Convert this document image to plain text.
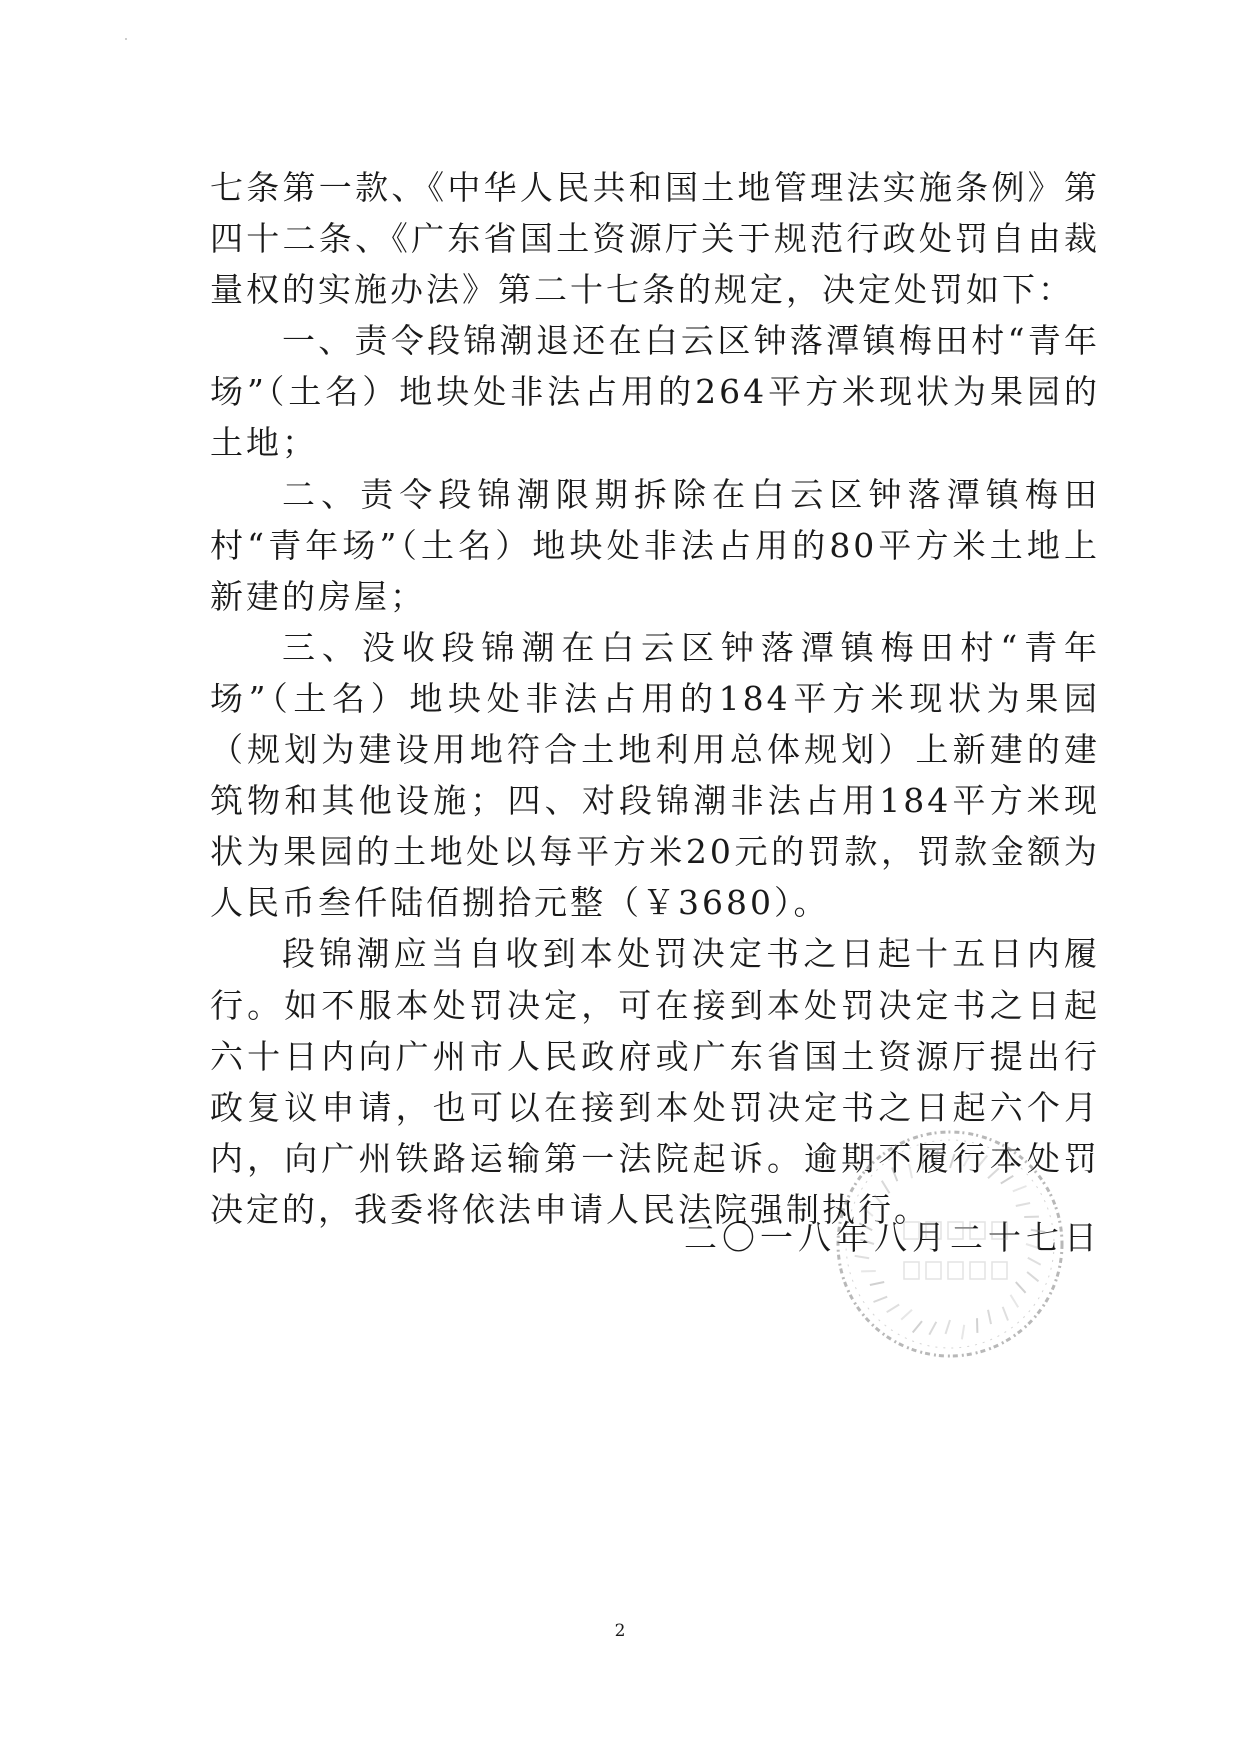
七条第一款、《中华人民共和国土地管理法实施条例》第四十二条、《广东省国土资源厅关于规范行政处罚自由裁量权的实施办法》第二十七条的规定，决定处罚如下：

一、责令段锦潮退还在白云区钟落潭镇梅田村“青年场”（土名）地块处非法占用的264平方米现状为果园的土地；

二、责令段锦潮限期拆除在白云区钟落潭镇梅田村“青年场”（土名）地块处非法占用的80平方米土地上新建的房屋；

三、没收段锦潮在白云区钟落潭镇梅田村“青年场”（土名）地块处非法占用的184平方米现状为果园（规划为建设用地符合土地利用总体规划）上新建的建筑物和其他设施；四、对段锦潮非法占用184平方米现状为果园的土地处以每平方米20元的罚款，罚款金额为人民币叁仟陆佰捌拾元整（￥3680）。

段锦潮应当自收到本处罚决定书之日起十五日内履行。如不服本处罚决定，可在接到本处罚决定书之日起六十日内向广州市人民政府或广东省国土资源厅提出行政复议申请，也可以在接到本处罚决定书之日起六个月内，向广州铁路运输第一法院起诉。逾期不履行本处罚决定的，我委将依法申请人民法院强制执行。

二〇一八年八月二十七日
2
